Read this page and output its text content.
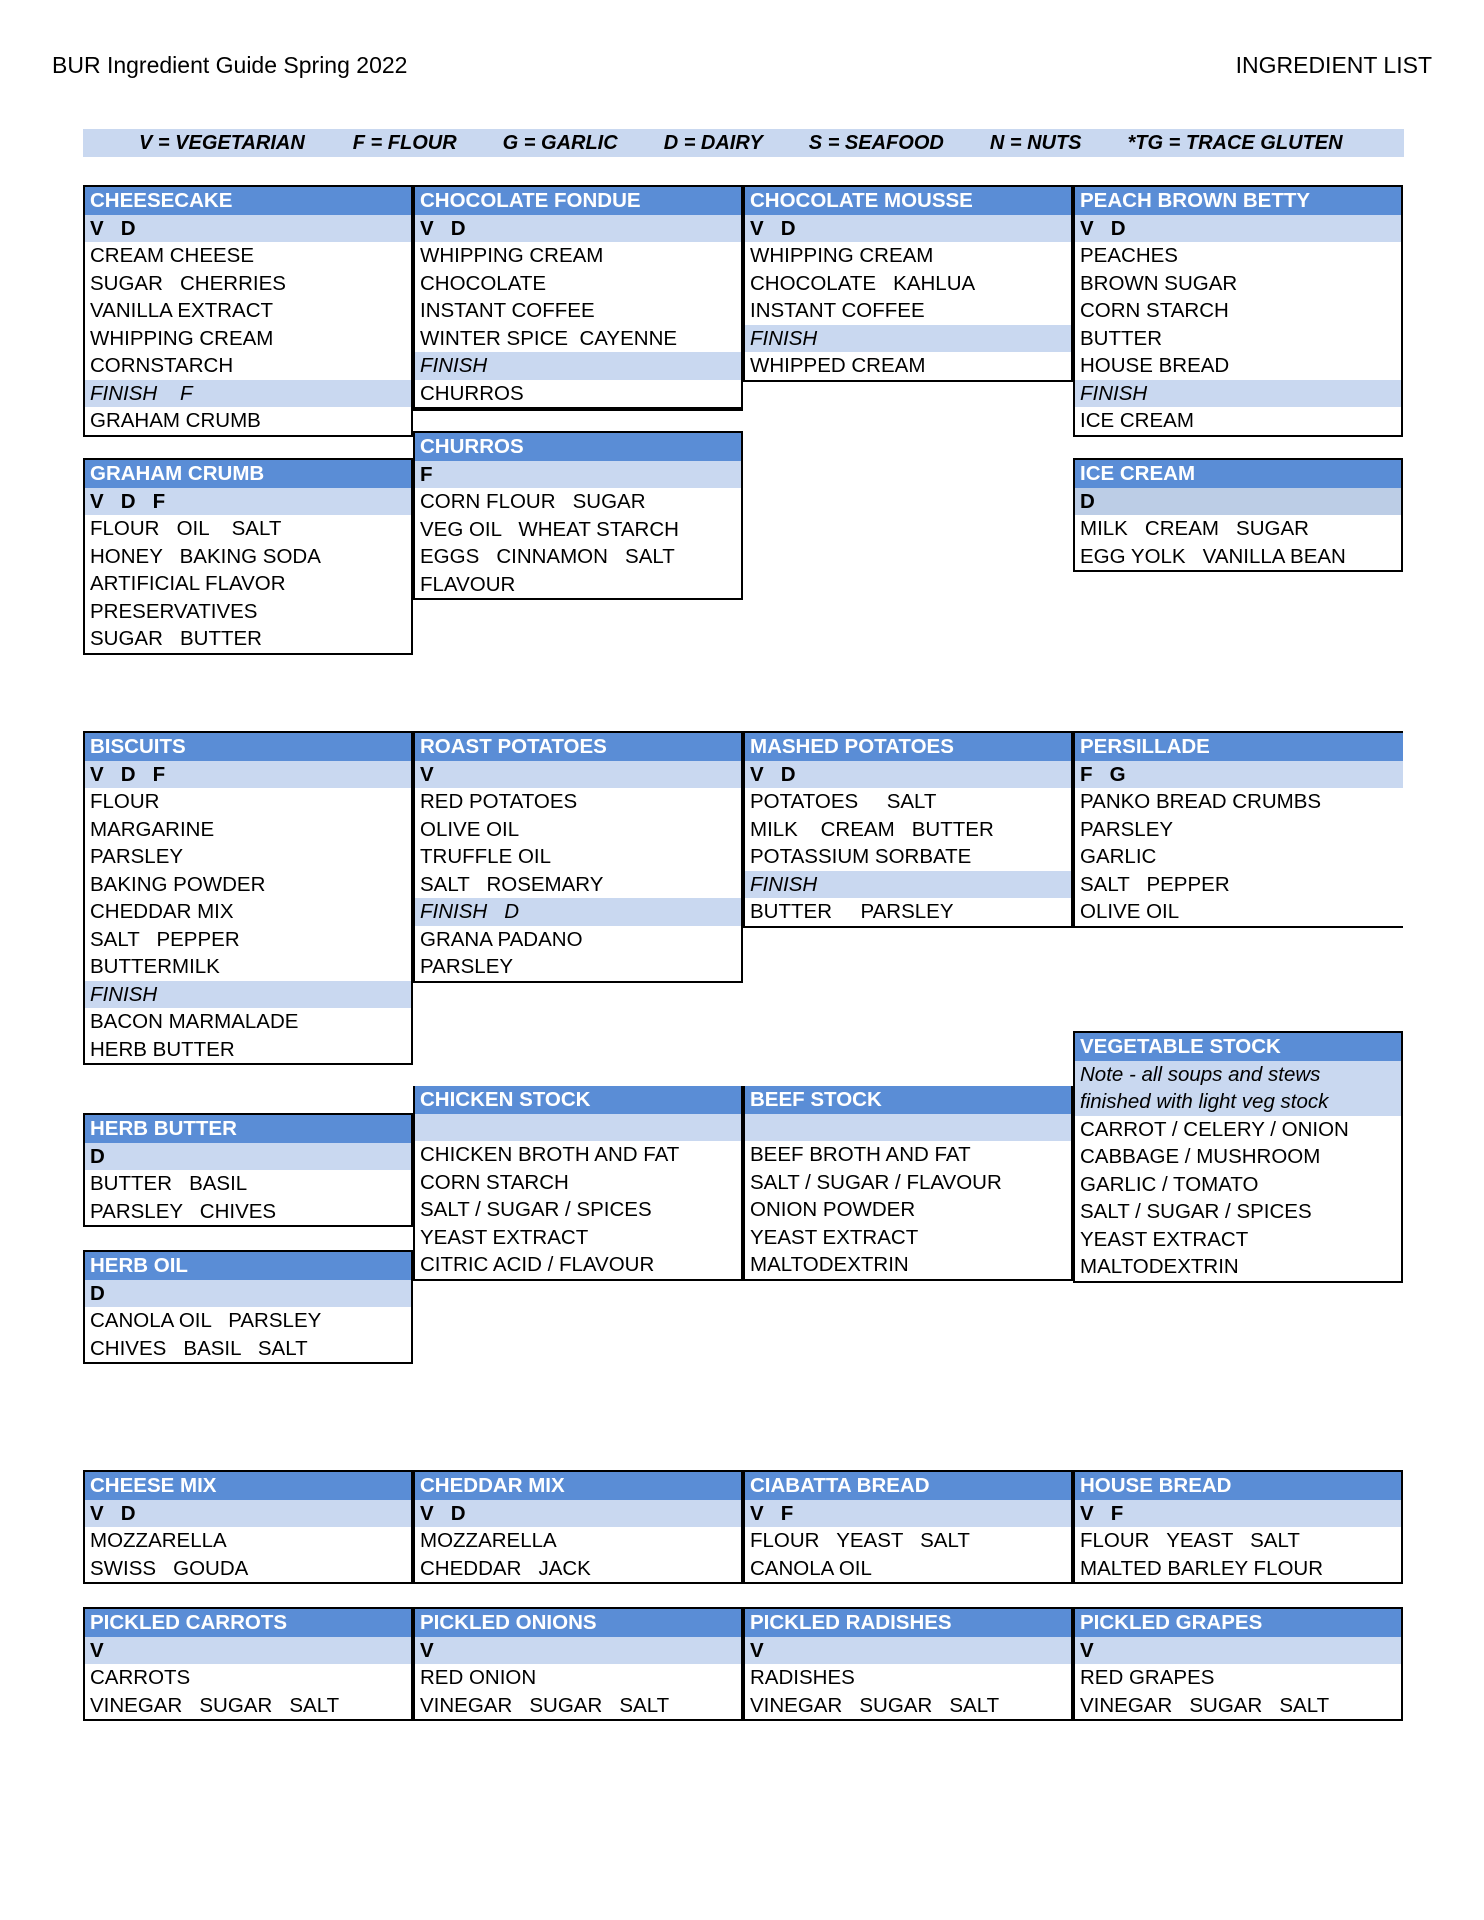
BUR Ingredient Guide Spring 2022	INGREDIENT LIST
V = VEGETARIAN F = FLOUR G = GARLIC D = DAIRY S = SEAFOOD N = NUTS *TG = TRACE GLUTEN
CHEESECAKE
V   D
CREAM CHEESE
SUGAR   CHERRIES
VANILLA EXTRACT
WHIPPING CREAM
CORNSTARCH
FINISH    F
GRAHAM CRUMB
CHOCOLATE FONDUE
V   D
WHIPPING CREAM
CHOCOLATE
INSTANT COFFEE
WINTER SPICE  CAYENNE
FINISH
CHURROS
CHOCOLATE MOUSSE
V   D
WHIPPING CREAM
CHOCOLATE   KAHLUA
INSTANT COFFEE
FINISH
WHIPPED CREAM
PEACH BROWN BETTY
V   D
PEACHES
BROWN SUGAR
CORN STARCH
BUTTER
HOUSE BREAD
FINISH
ICE CREAM
GRAHAM CRUMB
V   D   F
FLOUR   OIL    SALT
HONEY   BAKING SODA
ARTIFICIAL FLAVOR
PRESERVATIVES
SUGAR   BUTTER
CHURROS
F
CORN FLOUR   SUGAR
VEG OIL   WHEAT STARCH
EGGS   CINNAMON   SALT
FLAVOUR
ICE CREAM
D
MILK   CREAM   SUGAR
EGG YOLK   VANILLA BEAN
BISCUITS
V   D   F
FLOUR
MARGARINE
PARSLEY
BAKING POWDER
CHEDDAR MIX
SALT   PEPPER
BUTTERMILK
FINISH
BACON MARMALADE
HERB BUTTER
ROAST POTATOES
V
RED POTATOES
OLIVE OIL
TRUFFLE OIL
SALT   ROSEMARY
FINISH   D
GRANA PADANO
PARSLEY
MASHED POTATOES
V   D
POTATOES     SALT
MILK    CREAM   BUTTER
POTASSIUM SORBATE
FINISH
BUTTER     PARSLEY
PERSILLADE
F   G
PANKO BREAD CRUMBS
PARSLEY
GARLIC
SALT   PEPPER
OLIVE OIL
VEGETABLE STOCK
Note - all soups and stews
finished with light veg stock
CARROT / CELERY / ONION
CABBAGE / MUSHROOM
GARLIC / TOMATO
SALT / SUGAR / SPICES
YEAST EXTRACT
MALTODEXTRIN
CHICKEN STOCK
CHICKEN BROTH AND FAT
CORN STARCH
SALT / SUGAR / SPICES
YEAST EXTRACT
CITRIC ACID / FLAVOUR
BEEF STOCK
BEEF BROTH AND FAT
SALT / SUGAR / FLAVOUR
ONION POWDER
YEAST EXTRACT
MALTODEXTRIN
HERB BUTTER
D
BUTTER   BASIL
PARSLEY   CHIVES
HERB OIL
D
CANOLA OIL   PARSLEY
CHIVES   BASIL   SALT
CHEESE MIX
V   D
MOZZARELLA
SWISS   GOUDA
CHEDDAR MIX
V   D
MOZZARELLA
CHEDDAR   JACK
CIABATTA BREAD
V   F
FLOUR   YEAST   SALT
CANOLA OIL
HOUSE BREAD
V   F
FLOUR   YEAST   SALT
MALTED BARLEY FLOUR
PICKLED CARROTS
V
CARROTS
VINEGAR   SUGAR   SALT
PICKLED ONIONS
V
RED ONION
VINEGAR   SUGAR   SALT
PICKLED RADISHES
V
RADISHES
VINEGAR   SUGAR   SALT
PICKLED GRAPES
V
RED GRAPES
VINEGAR   SUGAR   SALT
